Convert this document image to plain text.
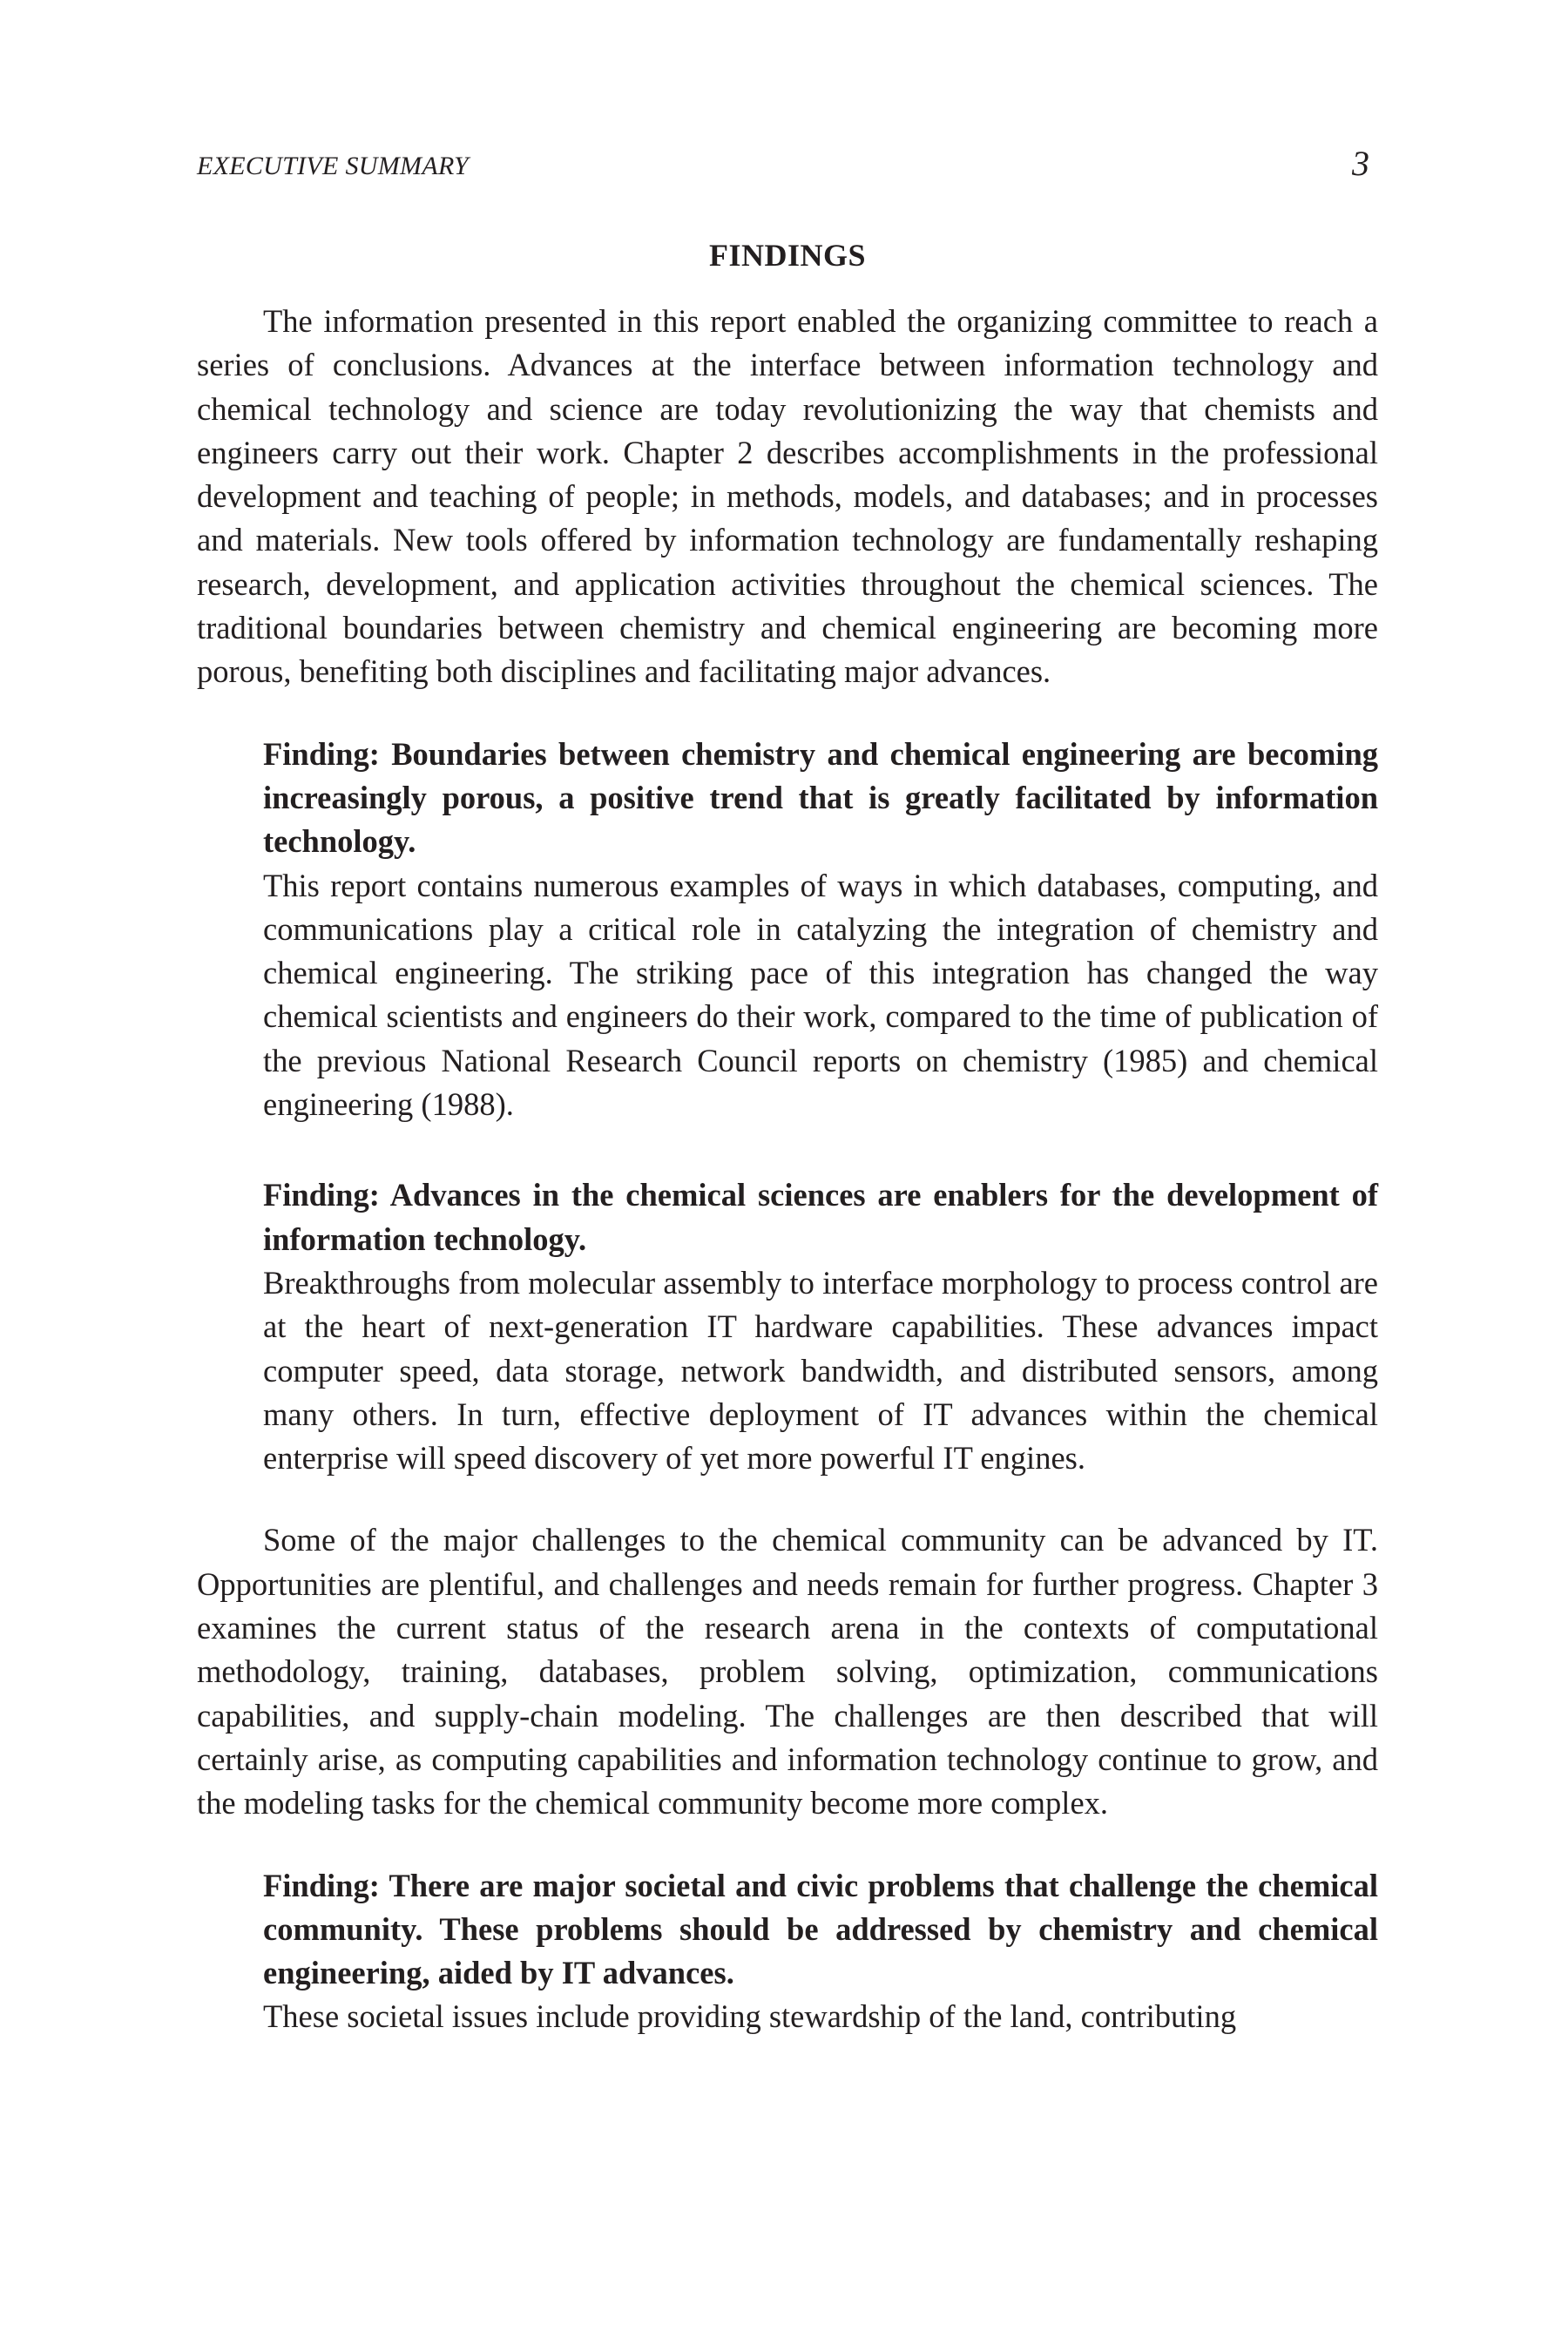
EXECUTIVE SUMMARY	3
FINDINGS

The information presented in this report enabled the organizing committee to reach a series of conclusions. Advances at the interface between information technology and chemical technology and science are today revolutionizing the way that chemists and engineers carry out their work. Chapter 2 describes accomplishments in the professional development and teaching of people; in methods, models, and databases; and in processes and materials. New tools offered by information technology are fundamentally reshaping research, development, and application activities throughout the chemical sciences. The traditional boundaries between chemistry and chemical engineering are becoming more porous, benefiting both disciplines and facilitating major advances.

Finding: Boundaries between chemistry and chemical engineering are becoming increasingly porous, a positive trend that is greatly facilitated by information technology.

This report contains numerous examples of ways in which databases, computing, and communications play a critical role in catalyzing the integration of chemistry and chemical engineering. The striking pace of this integration has changed the way chemical scientists and engineers do their work, compared to the time of publication of the previous National Research Council reports on chemistry (1985) and chemical engineering (1988).

Finding: Advances in the chemical sciences are enablers for the development of information technology.

Breakthroughs from molecular assembly to interface morphology to process control are at the heart of next-generation IT hardware capabilities. These advances impact computer speed, data storage, network bandwidth, and distributed sensors, among many others. In turn, effective deployment of IT advances within the chemical enterprise will speed discovery of yet more powerful IT engines.

Some of the major challenges to the chemical community can be advanced by IT. Opportunities are plentiful, and challenges and needs remain for further progress. Chapter 3 examines the current status of the research arena in the contexts of computational methodology, training, databases, problem solving, optimization, communications capabilities, and supply-chain modeling. The challenges are then described that will certainly arise, as computing capabilities and information technology continue to grow, and the modeling tasks for the chemical community become more complex.

Finding: There are major societal and civic problems that challenge the chemical community. These problems should be addressed by chemistry and chemical engineering, aided by IT advances.

These societal issues include providing stewardship of the land, contributing
